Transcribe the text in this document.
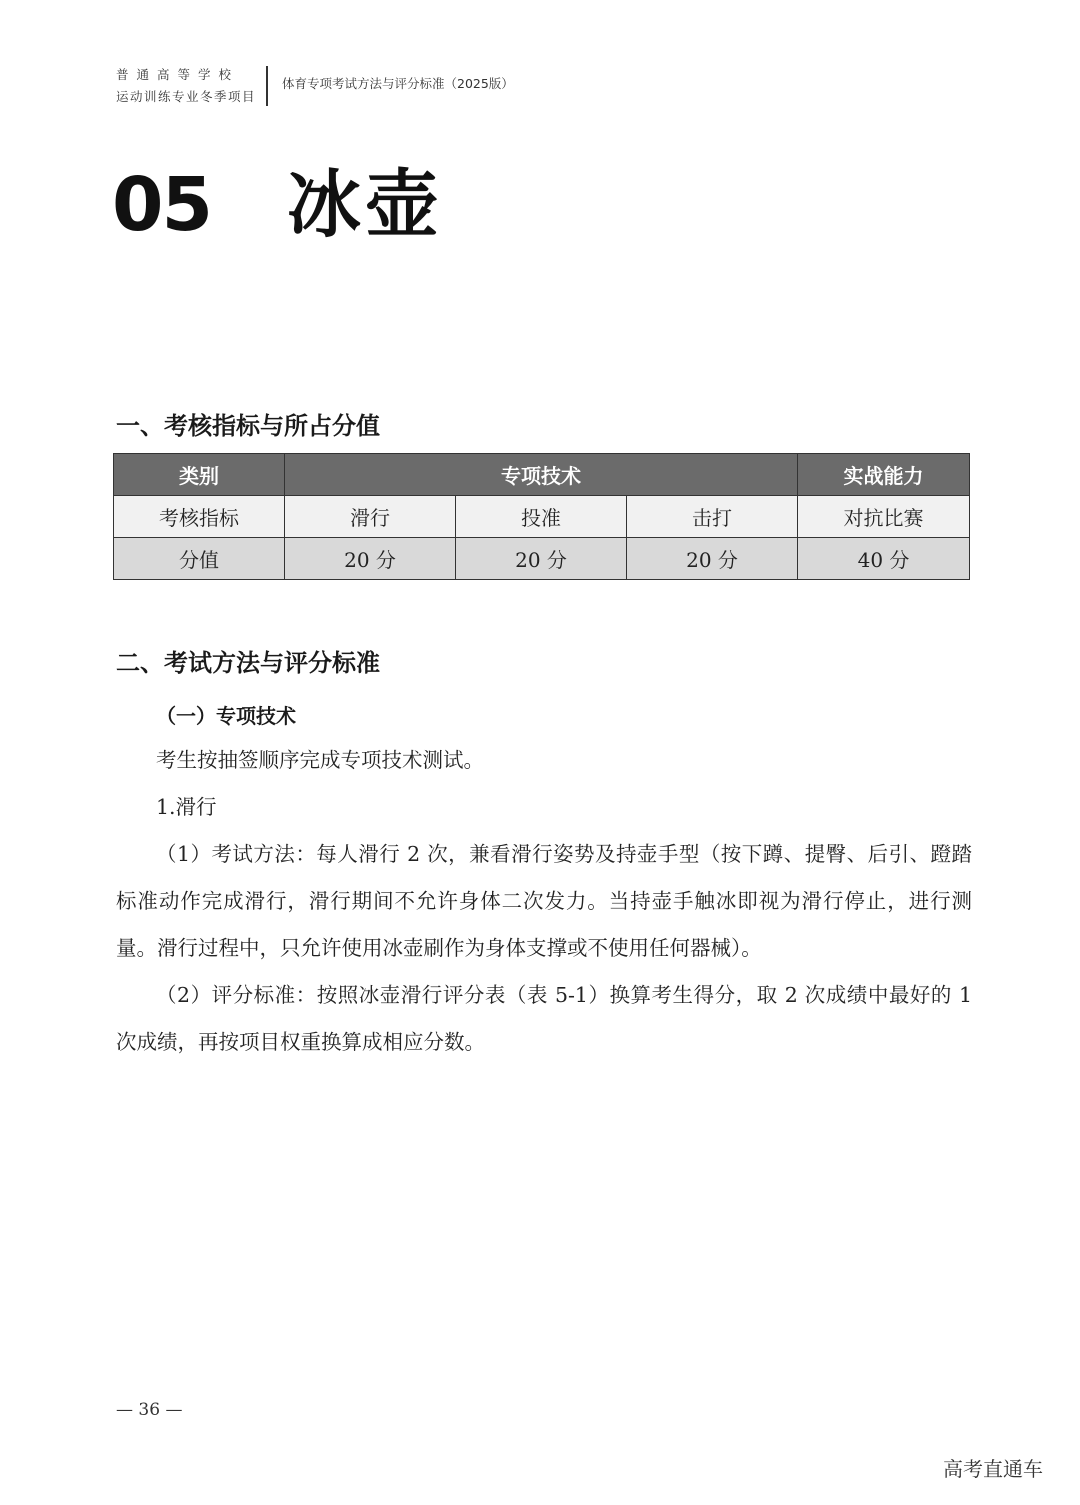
普通高等学校
运动训练专业冬季项目
体育专项考试方法与评分标准（2025版）
05 冰壶
一、考核指标与所占分值
类别	专项技术			实战能力
考核指标	滑行	投准	击打	对抗比赛
分值	20 分	20 分	20 分	40 分
二、考试方法与评分标准
（一）专项技术
考生按抽签顺序完成专项技术测试。
1.滑行
（1）考试方法：每人滑行 2 次，兼看滑行姿势及持壶手型（按下蹲、提臀、后引、蹬踏标准动作完成滑行，滑行期间不允许身体二次发力。当持壶手触冰即视为滑行停止，进行测量。滑行过程中，只允许使用冰壶刷作为身体支撑或不使用任何器械）。
（2）评分标准：按照冰壶滑行评分表（表 5-1）换算考生得分，取 2 次成绩中最好的 1 次成绩，再按项目权重换算成相应分数。
— 36 —
高考直通车
